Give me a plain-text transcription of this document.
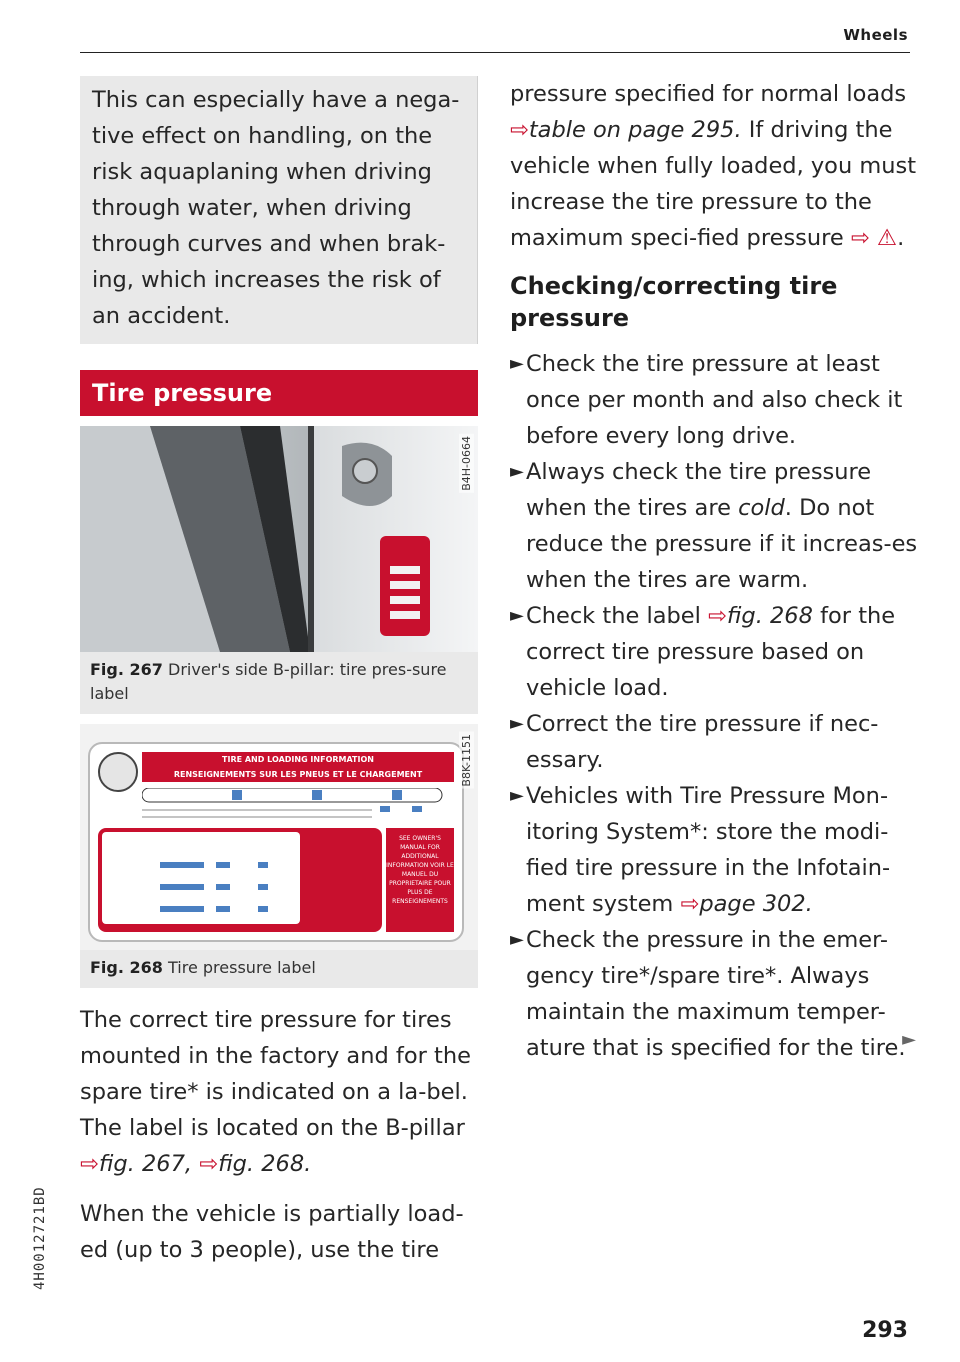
Wheels
4H0012721BD
293
This can especially have a nega-tive effect on handling, on the risk aquaplaning when driving through water, when driving through curves and when brak-ing, which increases the risk of an accident.
Tire pressure
B4H-0664
Fig. 267 Driver's side B-pillar: tire pres-sure label
TIRE AND LOADING INFORMATION
RENSEIGNEMENTS SUR LES PNEUS ET LE CHARGEMENT
SEE OWNER'S MANUAL FOR ADDITIONAL INFORMATION VOIR LE MANUEL DU PROPRIETAIRE POUR PLUS DE RENSEIGNEMENTS
B8K-1151
Fig. 268 Tire pressure label

The correct tire pressure for tires mounted in the factory and for the spare tire* is indicated on a la-bel. The label is located on the B-pillar ⇨fig. 267, ⇨fig. 268.

When the vehicle is partially load-ed (up to 3 people), use the tire

pressure specified for normal loads ⇨table on page 295. If driving the vehicle when fully loaded, you must increase the tire pressure to the maximum speci-fied pressure ⇨ ⚠.

Checking/correcting tire pressure
► Check the tire pressure at least once per month and also check it before every long drive.
► Always check the tire pressure when the tires are cold. Do not reduce the pressure if it increas-es when the tires are warm.
► Check the label ⇨fig. 268 for the correct tire pressure based on vehicle load.
► Correct the tire pressure if nec-essary.
► Vehicles with Tire Pressure Mon-itoring System*: store the modi-fied tire pressure in the Infotain-ment system ⇨page 302.
► Check the pressure in the emer-gency tire*/spare tire*. Always maintain the maximum temper-ature that is specified for the tire.
►
